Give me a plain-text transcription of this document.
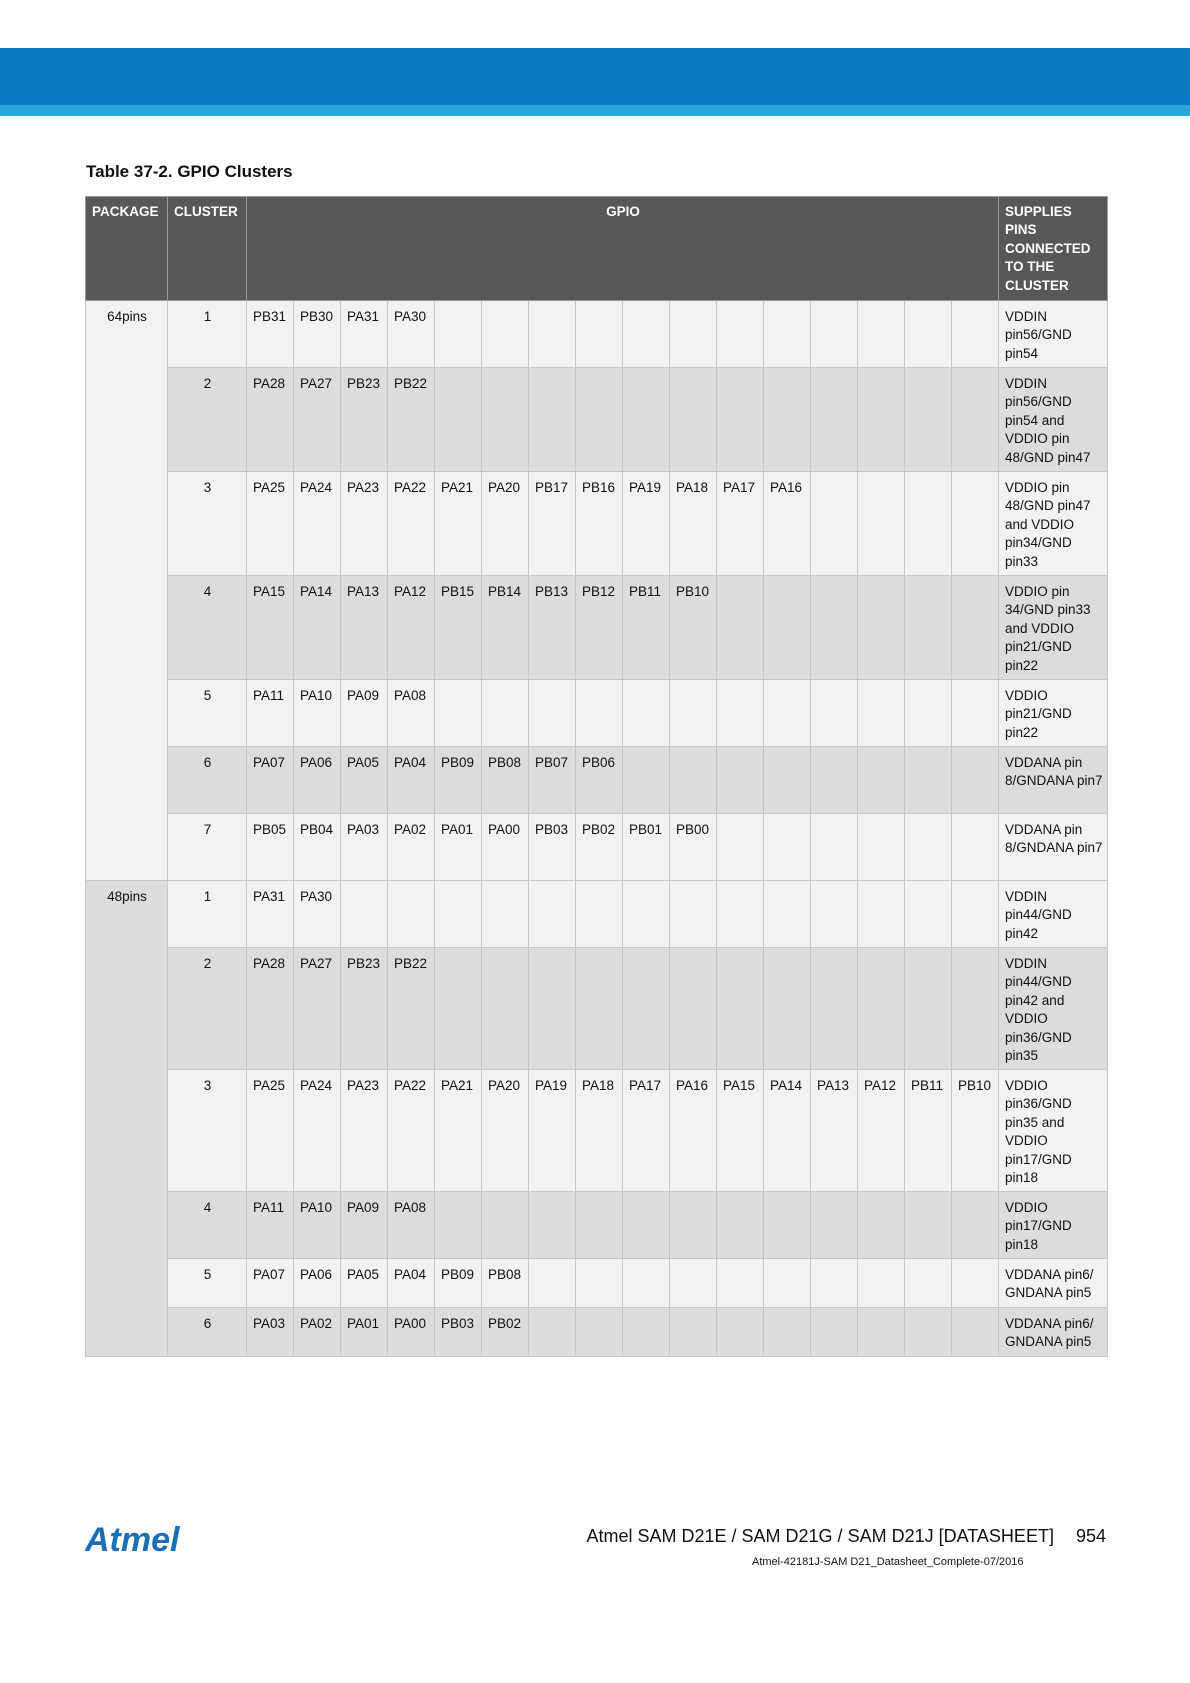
Table 37-2. GPIO Clusters

PACKAGE	CLUSTER	GPIO																SUPPLIES PINS CONNECTED TO THE CLUSTER
64pins	1	PB31	PB30	PA31	PA30													VDDIN pin56/GND pin54
	2	PA28	PA27	PB23	PB22													VDDIN pin56/GND pin54 and VDDIO pin 48/GND pin47
	3	PA25	PA24	PA23	PA22	PA21	PA20	PB17	PB16	PA19	PA18	PA17	PA16					VDDIO pin 48/GND pin47 and VDDIO pin34/GND pin33
	4	PA15	PA14	PA13	PA12	PB15	PB14	PB13	PB12	PB11	PB10							VDDIO pin 34/GND pin33 and VDDIO pin21/GND pin22
	5	PA11	PA10	PA09	PA08													VDDIO pin21/GND pin22
	6	PA07	PA06	PA05	PA04	PB09	PB08	PB07	PB06									VDDANA pin 8/GNDANA pin7
	7	PB05	PB04	PA03	PA02	PA01	PA00	PB03	PB02	PB01	PB00							VDDANA pin 8/GNDANA pin7
48pins	1	PA31	PA30															VDDIN pin44/GND pin42
	2	PA28	PA27	PB23	PB22													VDDIN pin44/GND pin42 and VDDIO pin36/GND pin35
	3	PA25	PA24	PA23	PA22	PA21	PA20	PA19	PA18	PA17	PA16	PA15	PA14	PA13	PA12	PB11	PB10	VDDIO pin36/GND pin35 and VDDIO pin17/GND pin18
	4	PA11	PA10	PA09	PA08													VDDIO pin17/GND pin18
	5	PA07	PA06	PA05	PA04	PB09	PB08											VDDANA pin6/ GNDANA pin5
	6	PA03	PA02	PA01	PA00	PB03	PB02											VDDANA pin6/ GNDANA pin5
Atmel	Atmel SAM D21E / SAM D21G / SAM D21J [DATASHEET] 954
Atmel-42181J-SAM D21_Datasheet_Complete-07/2016
